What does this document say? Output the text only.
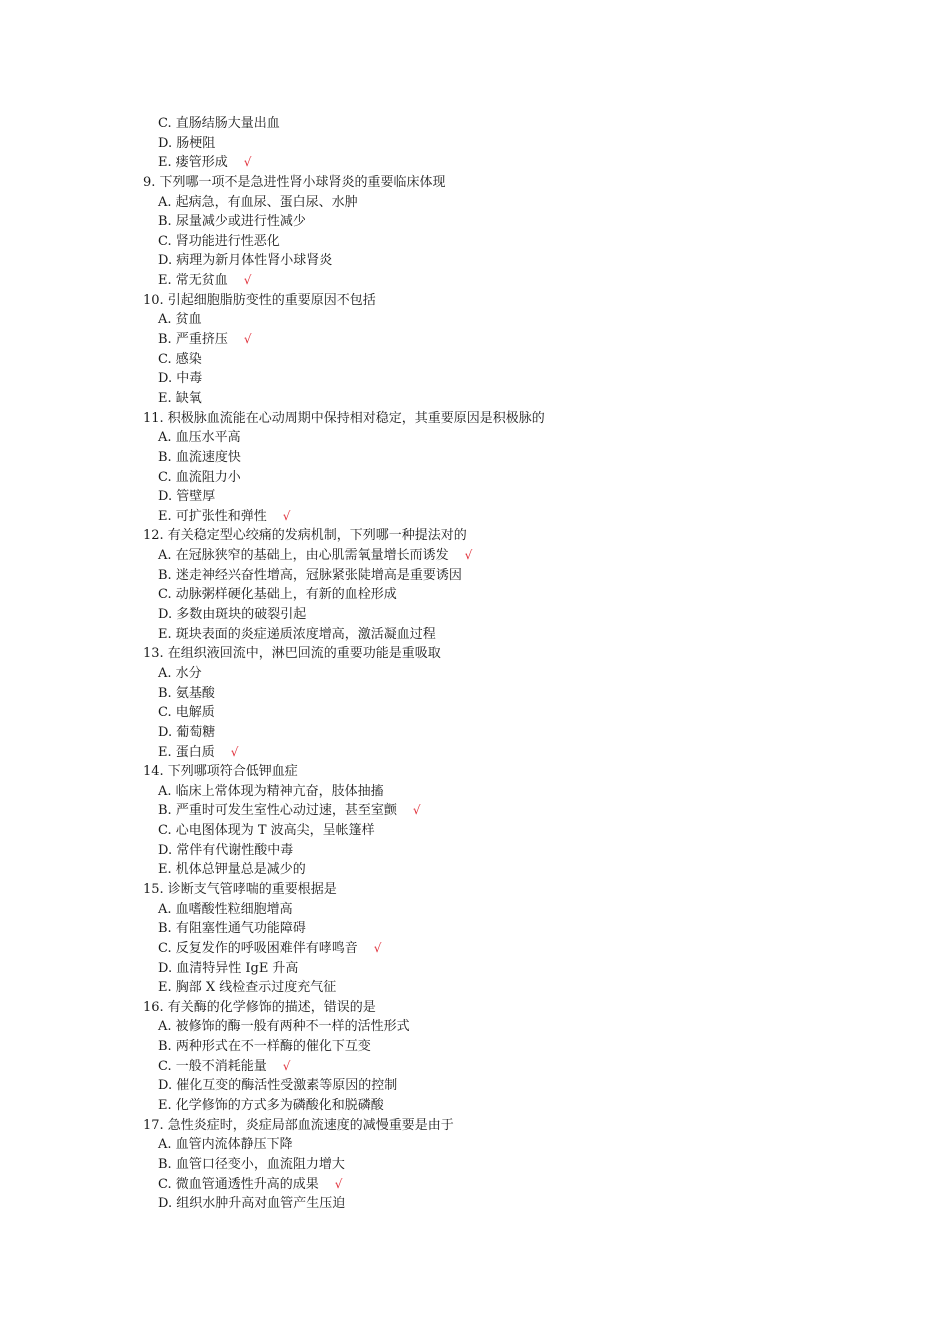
C. 直肠结肠大量出血
D. 肠梗阻
E. 瘘管形成 √
9. 下列哪一项不是急进性肾小球肾炎的重要临床体现
A. 起病急，有血尿、蛋白尿、水肿
B. 尿量减少或进行性减少
C. 肾功能进行性恶化
D. 病理为新月体性肾小球肾炎
E. 常无贫血 √
10. 引起细胞脂肪变性的重要原因不包括
A. 贫血
B. 严重挤压 √
C. 感染
D. 中毒
E. 缺氧
11. 积极脉血流能在心动周期中保持相对稳定，其重要原因是积极脉的
A. 血压水平高
B. 血流速度快
C. 血流阻力小
D. 管壁厚
E. 可扩张性和弹性 √
12. 有关稳定型心绞痛的发病机制，下列哪一种提法对的
A. 在冠脉狭窄的基础上，由心肌需氧量增长而诱发 √
B. 迷走神经兴奋性增高，冠脉紧张陡增高是重要诱因
C. 动脉粥样硬化基础上，有新的血栓形成
D. 多数由斑块的破裂引起
E. 斑块表面的炎症递质浓度增高，激活凝血过程
13. 在组织液回流中，淋巴回流的重要功能是重吸取
A. 水分
B. 氨基酸
C. 电解质
D. 葡萄糖
E. 蛋白质 √
14. 下列哪项符合低钾血症
A. 临床上常体现为精神亢奋，肢体抽搐
B. 严重时可发生室性心动过速，甚至室颤 √
C. 心电图体现为 T 波高尖，呈帐篷样
D. 常伴有代谢性酸中毒
E. 机体总钾量总是减少的
15. 诊断支气管哮喘的重要根据是
A. 血嗜酸性粒细胞增高
B. 有阻塞性通气功能障碍
C. 反复发作的呼吸困难伴有哮鸣音 √
D. 血清特异性 IgE 升高
E. 胸部 X 线检查示过度充气征
16. 有关酶的化学修饰的描述，错误的是
A. 被修饰的酶一般有两种不一样的活性形式
B. 两种形式在不一样酶的催化下互变
C. 一般不消耗能量 √
D. 催化互变的酶活性受激素等原因的控制
E. 化学修饰的方式多为磷酸化和脱磷酸
17. 急性炎症时，炎症局部血流速度的减慢重要是由于
A. 血管内流体静压下降
B. 血管口径变小，血流阻力增大
C. 微血管通透性升高的成果 √
D. 组织水肿升高对血管产生压迫
